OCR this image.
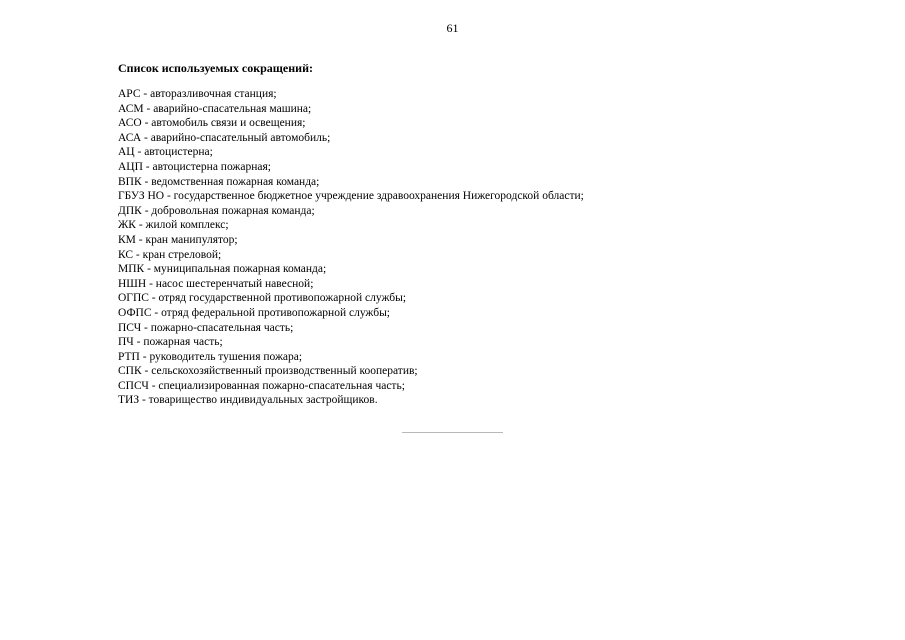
61
Список используемых сокращений:
АРС - авторазливочная станция;
АСМ - аварийно-спасательная машина;
АСО - автомобиль связи и освещения;
АСА - аварийно-спасательный автомобиль;
АЦ - автоцистерна;
АЦП - автоцистерна пожарная;
ВПК - ведомственная пожарная команда;
ГБУЗ НО - государственное бюджетное учреждение здравоохранения Нижегородской области;
ДПК - добровольная пожарная команда;
ЖК - жилой комплекс;
КМ - кран манипулятор;
КС - кран стреловой;
МПК - муниципальная пожарная команда;
НШН - насос шестеренчатый навесной;
ОГПС - отряд государственной противопожарной службы;
ОФПС - отряд федеральной противопожарной службы;
ПСЧ - пожарно-спасательная часть;
ПЧ - пожарная часть;
РТП - руководитель тушения пожара;
СПК - сельскохозяйственный производственный кооператив;
СПСЧ - специализированная пожарно-спасательная часть;
ТИЗ - товарищество индивидуальных застройщиков.
